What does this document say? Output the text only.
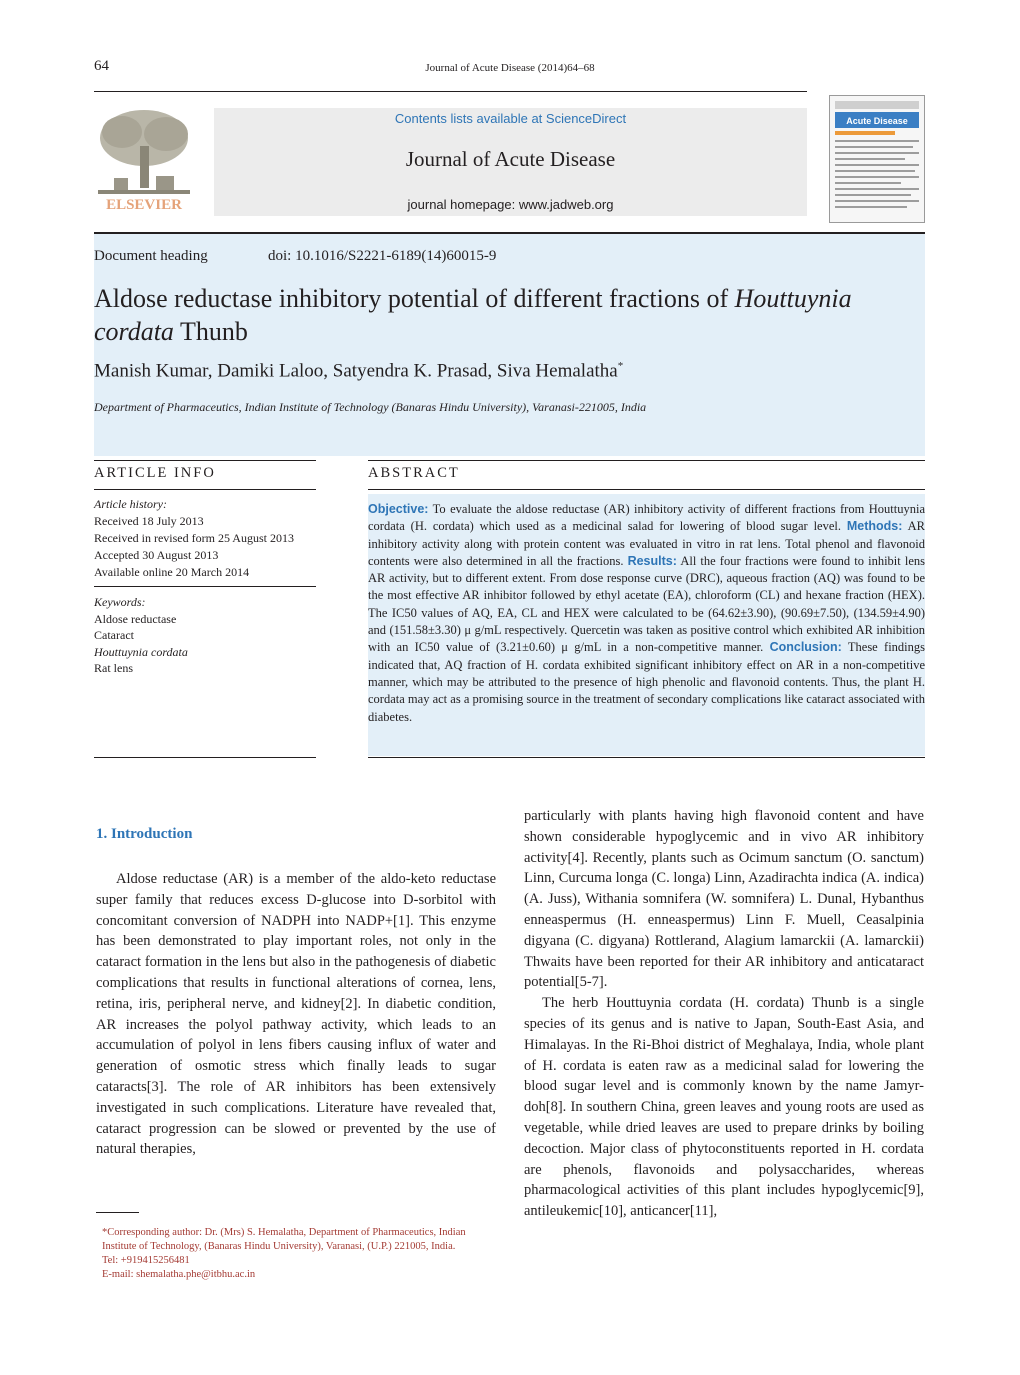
64	Journal of Acute Disease (2014)64–68
ELSEVIER
Contents lists available at ScienceDirect
Journal of Acute Disease
journal homepage: www.jadweb.org
Acute Disease
Document heading	doi: 10.1016/S2221-6189(14)60015-9
Aldose reductase inhibitory potential of different fractions of Houttuynia cordata Thunb
Manish Kumar, Damiki Laloo, Satyendra K. Prasad, Siva Hemalatha*
Department of Pharmaceutics, Indian Institute of Technology (Banaras Hindu University), Varanasi-221005, India
ARTICLE INFO
Article history:
Received 18 July 2013
Received in revised form 25 August 2013
Accepted 30 August 2013
Available online 20 March 2014
Keywords:
Aldose reductase
Cataract
Houttuynia cordata
Rat lens
ABSTRACT
Objective: To evaluate the aldose reductase (AR) inhibitory activity of different fractions from Houttuynia cordata (H. cordata) which used as a medicinal salad for lowering of blood sugar level. Methods: AR inhibitory activity along with protein content was evaluated in vitro in rat lens. Total phenol and flavonoid contents were also determined in all the fractions. Results: All the four fractions were found to inhibit lens AR activity, but to different extent. From dose response curve (DRC), aqueous fraction (AQ) was found to be the most effective AR inhibitor followed by ethyl acetate (EA), chloroform (CL) and hexane fraction (HEX). The IC50 values of AQ, EA, CL and HEX were calculated to be (64.62±3.90), (90.69±7.50), (134.59±4.90) and (151.58±3.30) μ g/mL respectively. Quercetin was taken as positive control which exhibited AR inhibition with an IC50 value of (3.21±0.60) μ g/mL in a non-competitive manner. Conclusion: These findings indicated that, AQ fraction of H. cordata exhibited significant inhibitory effect on AR in a non-competitive manner, which may be attributed to the presence of high phenolic and flavonoid contents. Thus, the plant H. cordata may act as a promising source in the treatment of secondary complications like cataract associated with diabetes.
1. Introduction
Aldose reductase (AR) is a member of the aldo-keto reductase super family that reduces excess D-glucose into D-sorbitol with concomitant conversion of NADPH into NADP+[1]. This enzyme has been demonstrated to play important roles, not only in the cataract formation in the lens but also in the pathogenesis of diabetic complications that results in functional alterations of cornea, lens, retina, iris, peripheral nerve, and kidney[2]. In diabetic condition, AR increases the polyol pathway activity, which leads to an accumulation of polyol in lens fibers causing influx of water and generation of osmotic stress which finally leads to sugar cataracts[3]. The role of AR inhibitors has been extensively investigated in such complications. Literature have revealed that, cataract progression can be slowed or prevented by the use of natural therapies,

particularly with plants having high flavonoid content and have shown considerable hypoglycemic and in vivo AR inhibitory activity[4]. Recently, plants such as Ocimum sanctum (O. sanctum) Linn, Curcuma longa (C. longa) Linn, Azadirachta indica (A. indica) (A. Juss), Withania somnifera (W. somnifera) L. Dunal, Hybanthus enneaspermus (H. enneaspermus) Linn F. Muell, Ceasalpinia digyana (C. digyana) Rottlerand, Alagium lamarckii (A. lamarckii) Thwaits have been reported for their AR inhibitory and anticataract potential[5-7].

The herb Houttuynia cordata (H. cordata) Thunb is a single species of its genus and is native to Japan, South-East Asia, and Himalayas. In the Ri-Bhoi district of Meghalaya, India, whole plant of H. cordata is eaten raw as a medicinal salad for lowering the blood sugar level and is commonly known by the name Jamyr-doh[8]. In southern China, green leaves and young roots are used as vegetable, while dried leaves are used to prepare drinks by boiling decoction. Major class of phytoconstituents reported in H. cordata are phenols, flavonoids and polysaccharides, whereas pharmacological activities of this plant includes hypoglycemic[9], antileukemic[10], anticancer[11],

*Corresponding author: Dr. (Mrs) S. Hemalatha, Department of Pharmaceutics, Indian Institute of Technology, (Banaras Hindu University), Varanasi, (U.P.) 221005, India.
Tel: +919415256481
E-mail: shemalatha.phe@itbhu.ac.in
